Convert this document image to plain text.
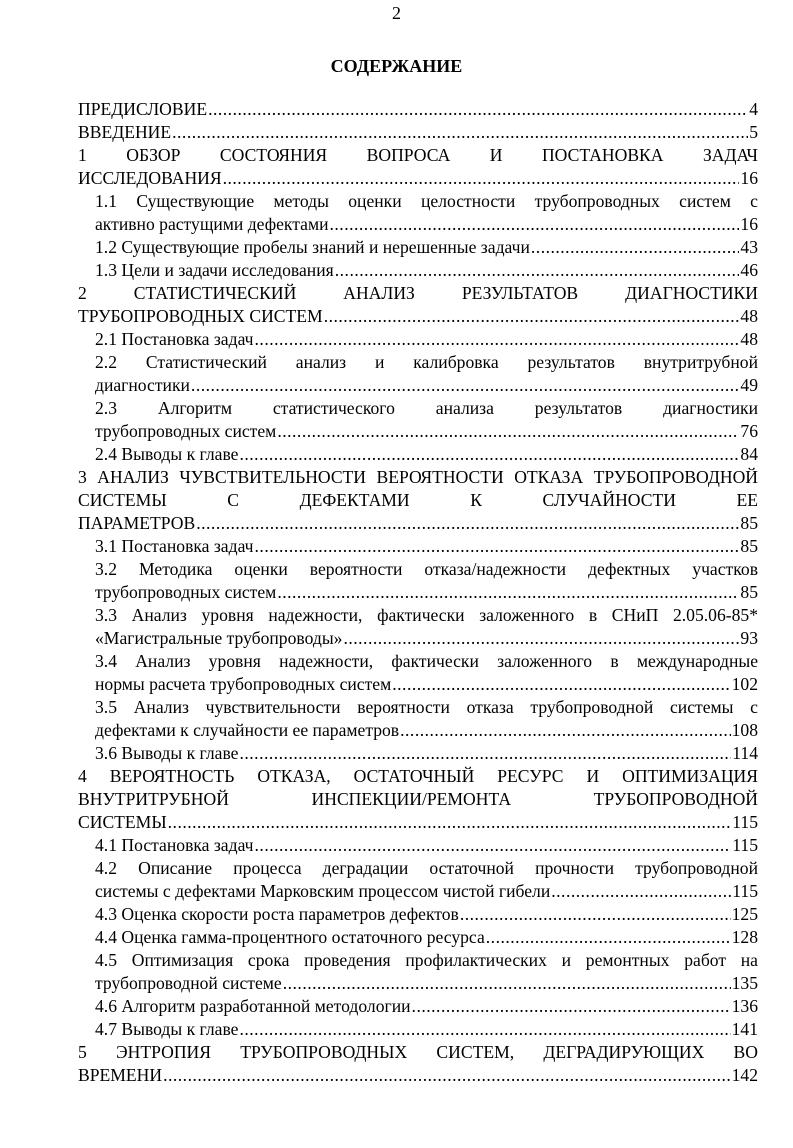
2
СОДЕРЖАНИЕ
ПРЕДИСЛОВИЕ .....	4
ВВЕДЕНИЕ .....	5
1 ОБЗОР СОСТОЯНИЯ ВОПРОСА И ПОСТАНОВКА ЗАДАЧ
ИССЛЕДОВАНИЯ .....	16
1.1 Существующие методы оценки целостности трубопроводных систем с
активно растущими дефектами .....	16
1.2 Существующие пробелы знаний и нерешенные задачи .....	43
1.3 Цели и задачи исследования .....	46
2 СТАТИСТИЧЕСКИЙ АНАЛИЗ РЕЗУЛЬТАТОВ ДИАГНОСТИКИ
ТРУБОПРОВОДНЫХ СИСТЕМ .....	48
2.1 Постановка задач .....	48
2.2 Статистический анализ и калибровка результатов внутритрубной
диагностики .....	49
2.3 Алгоритм статистического анализа результатов диагностики
трубопроводных систем .....	76
2.4 Выводы к главе .....	84
3 АНАЛИЗ ЧУВСТВИТЕЛЬНОСТИ ВЕРОЯТНОСТИ ОТКАЗА ТРУБОПРОВОДНОЙ СИСТЕМЫ С ДЕФЕКТАМИ К СЛУЧАЙНОСТИ ЕЕ
ПАРАМЕТРОВ .....	85
3.1 Постановка задач .....	85
3.2 Методика оценки вероятности отказа/надежности дефектных участков
трубопроводных систем .....	85
3.3 Анализ уровня надежности, фактически заложенного в СНиП 2.05.06-85*
«Магистральные трубопроводы» .....	93
3.4 Анализ уровня надежности, фактически заложенного в международные
нормы расчета трубопроводных систем .....	102
3.5 Анализ чувствительности вероятности отказа трубопроводной системы с
дефектами к случайности ее параметров .....	108
3.6 Выводы к главе .....	114
4 ВЕРОЯТНОСТЬ ОТКАЗА, ОСТАТОЧНЫЙ РЕСУРС И ОПТИМИЗАЦИЯ ВНУТРИТРУБНОЙ ИНСПЕКЦИИ/РЕМОНТА ТРУБОПРОВОДНОЙ
СИСТЕМЫ .....	115
4.1 Постановка задач .....	115
4.2 Описание процесса деградации остаточной прочности трубопроводной
системы с дефектами Марковским процессом чистой гибели .....	115
4.3 Оценка скорости роста параметров дефектов .....	125
4.4 Оценка гамма-процентного остаточного ресурса .....	128
4.5 Оптимизация срока проведения профилактических и ремонтных работ на
трубопроводной системе .....	135
4.6 Алгоритм разработанной методологии .....	136
4.7 Выводы к главе .....	141
5 ЭНТРОПИЯ ТРУБОПРОВОДНЫХ СИСТЕМ, ДЕГРАДИРУЮЩИХ ВО
ВРЕМЕНИ .....	142
